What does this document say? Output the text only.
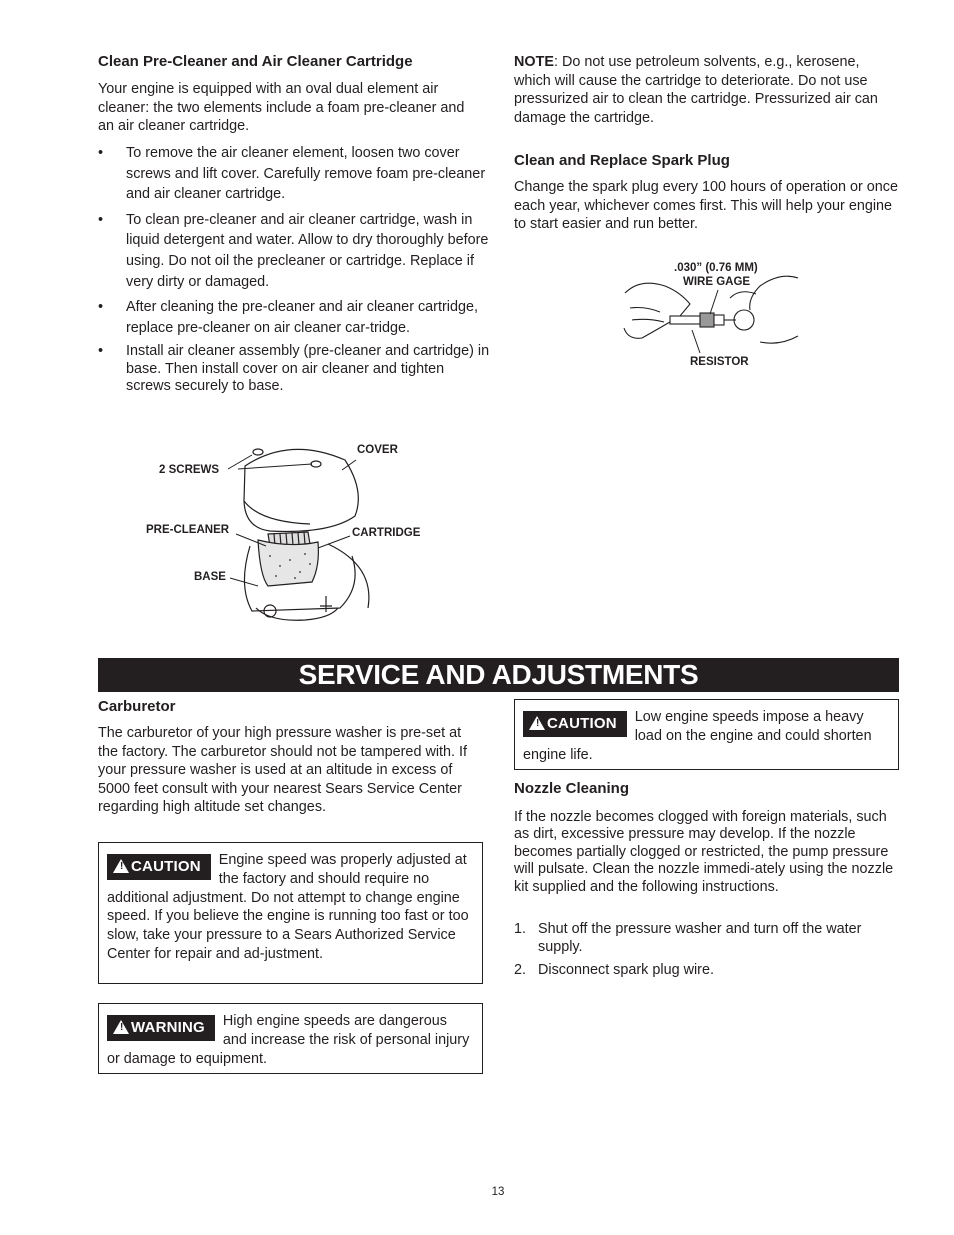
Clean Pre-Cleaner and Air Cleaner Cartridge

Your engine is equipped with an oval dual element air cleaner: the two elements include a foam pre-cleaner and an air cleaner cartridge.

• To remove the air cleaner element, loosen two cover screws and lift cover. Carefully remove foam pre-cleaner and air cleaner cartridge.
• To clean pre-cleaner and air cleaner cartridge, wash in liquid detergent and water. Allow to dry thoroughly before using. Do not oil the precleaner or cartridge. Replace if very dirty or damaged.
• After cleaning the pre-cleaner and air cleaner cartridge, replace pre-cleaner on air cleaner car-tridge.
• Install air cleaner assembly (pre-cleaner and cartridge) in base. Then install cover on air cleaner and tighten screws securely to base.
COVER
2 SCREWS
PRE-CLEANER	CARTRIDGE
BASE

NOTE: Do not use petroleum solvents, e.g., kerosene, which will cause the cartridge to deteriorate. Do not use pressurized air to clean the cartridge. Pressurized air can damage the cartridge.

Clean and Replace Spark Plug

Change the spark plug every 100 hours of operation or once each year, whichever comes first. This will help your engine to start easier and run better.

.030” (0.76 MM)
WIRE GAGE
RESISTOR
SERVICE AND ADJUSTMENTS
Carburetor

The carburetor of your high pressure washer is pre-set at the factory. The carburetor should not be tampered with. If your pressure washer is used at an altitude in excess of 5000 feet consult with your nearest Sears Service Center regarding high altitude set changes.

! CAUTION	Engine speed was properly adjusted at the factory and should require no additional adjustment. Do not attempt to change engine speed. If you believe the engine is running too fast or too slow, take your pressure to a Sears Authorized Service Center for repair and ad-justment.
! WARNING	High engine speeds are dangerous and increase the risk of personal injury or damage to equipment.
! CAUTION	Low engine speeds impose a heavy load on the engine and could shorten engine life.
Nozzle Cleaning

If the nozzle becomes clogged with foreign materials, such as dirt, excessive pressure may develop. If the nozzle becomes partially clogged or restricted, the pump pressure will pulsate. Clean the nozzle immedi-ately using the nozzle kit supplied and the following instructions.

1. Shut off the pressure washer and turn off the water supply.
2. Disconnect spark plug wire.
13
